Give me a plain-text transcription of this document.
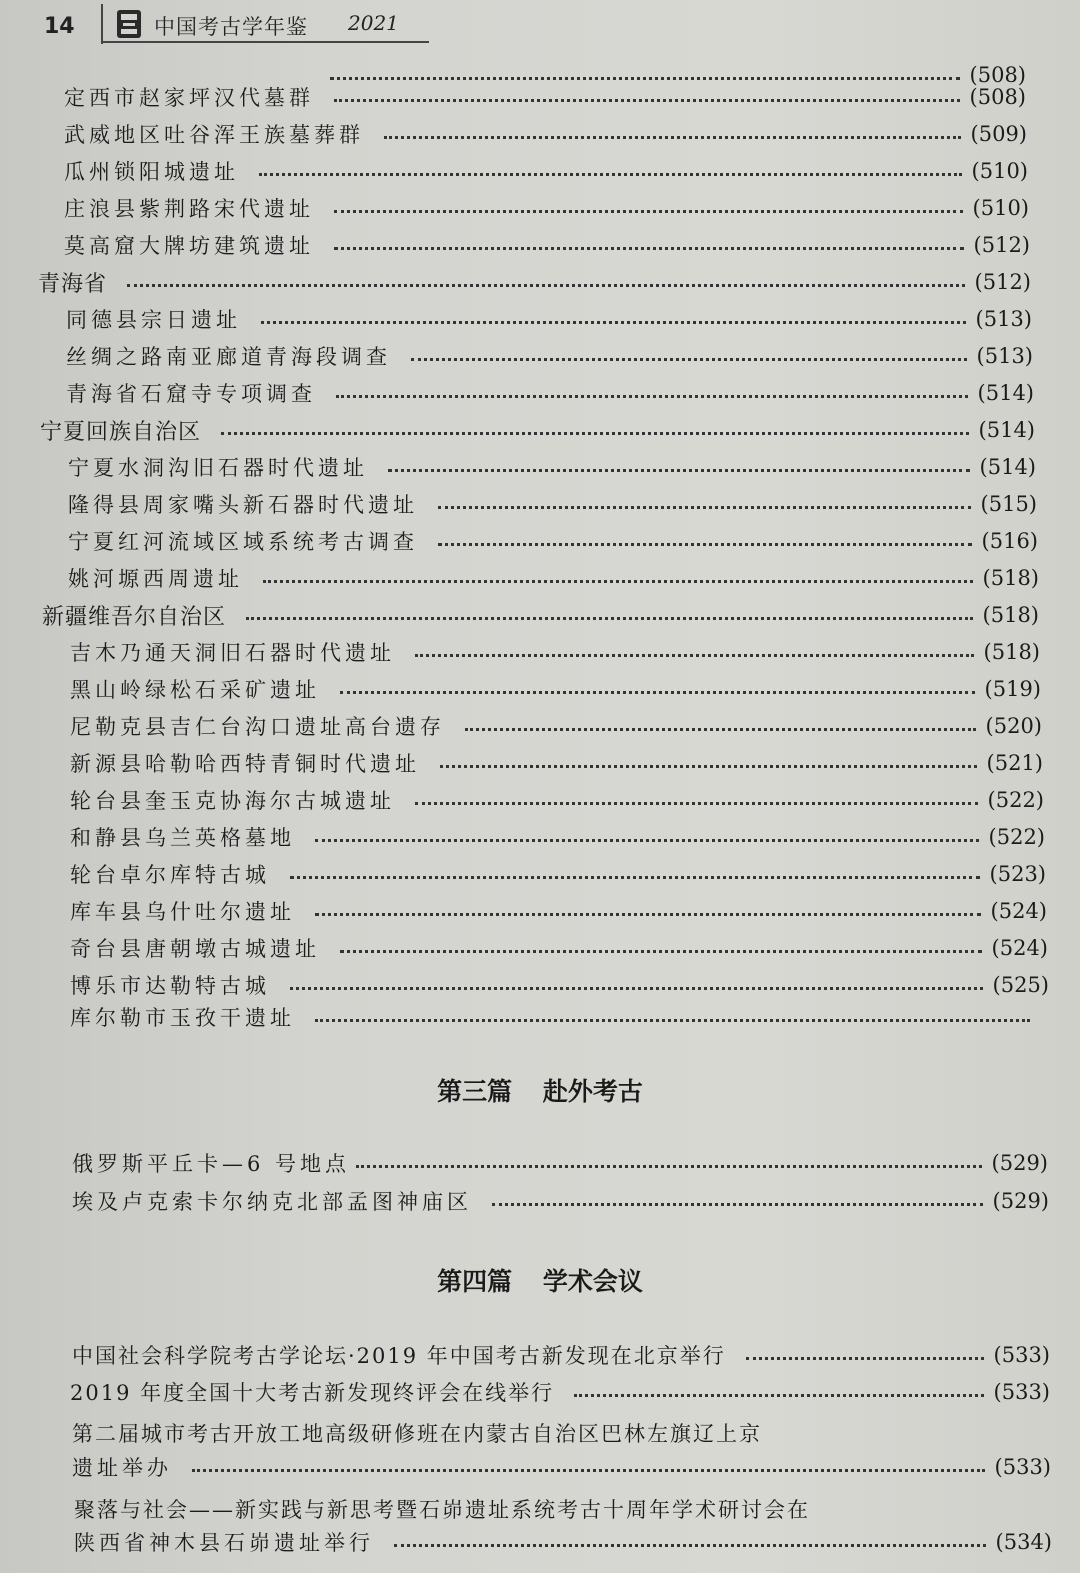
14	中国考古学年鉴 2021
(508)
定西市赵家坪汉代墓群	(508)
武威地区吐谷浑王族墓葬群	(509)
瓜州锁阳城遗址	(510)
庄浪县紫荆路宋代遗址	(510)
莫高窟大牌坊建筑遗址	(512)
青海省	(512)
同德县宗日遗址	(513)
丝绸之路南亚廊道青海段调查	(513)
青海省石窟寺专项调查	(514)
宁夏回族自治区	(514)
宁夏水洞沟旧石器时代遗址	(514)
隆得县周家嘴头新石器时代遗址	(515)
宁夏红河流域区域系统考古调查	(516)
姚河塬西周遗址	(518)
新疆维吾尔自治区	(518)
吉木乃通天洞旧石器时代遗址	(518)
黑山岭绿松石采矿遗址	(519)
尼勒克县吉仁台沟口遗址高台遗存	(520)
新源县哈勒哈西特青铜时代遗址	(521)
轮台县奎玉克协海尔古城遗址	(522)
和静县乌兰英格墓地	(522)
轮台卓尔库特古城	(523)
库车县乌什吐尔遗址	(524)
奇台县唐朝墩古城遗址	(524)
博乐市达勒特古城	(525)
库尔勒市玉孜干遗址
第三篇 赴外考古
俄罗斯平丘卡—6 号地点	(529)
埃及卢克索卡尔纳克北部孟图神庙区	(529)
第四篇 学术会议
中国社会科学院考古学论坛·2019 年中国考古新发现在北京举行	(533)
2019 年度全国十大考古新发现终评会在线举行	(533)
第二届城市考古开放工地高级研修班在内蒙古自治区巴林左旗辽上京
遗址举办	(533)
聚落与社会——新实践与新思考暨石峁遗址系统考古十周年学术研讨会在
陕西省神木县石峁遗址举行	(534)
